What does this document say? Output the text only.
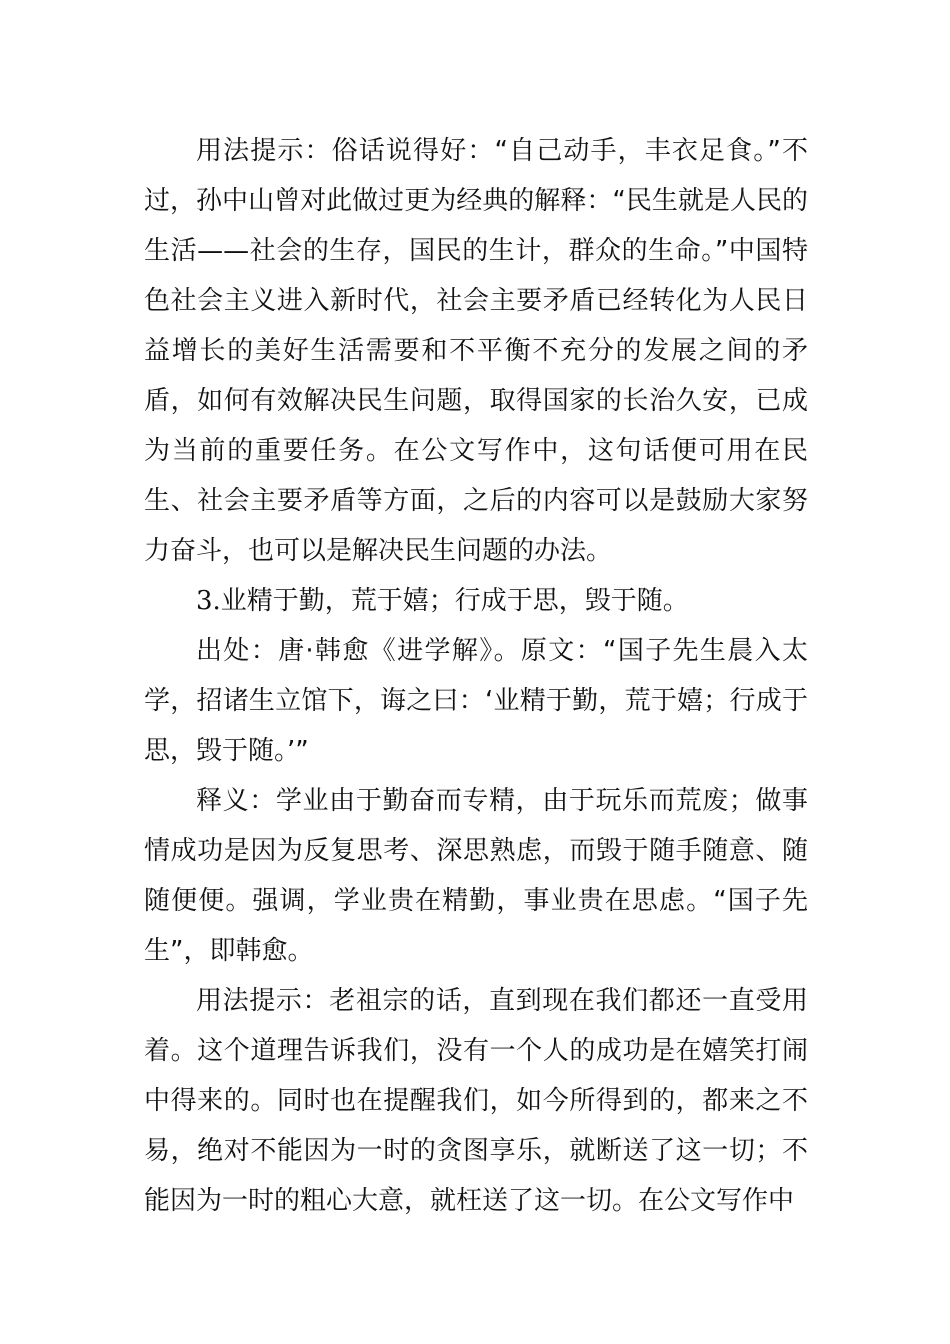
用法提示：俗话说得好：“自己动手，丰衣足食。”不过，孙中山曾对此做过更为经典的解释：“民生就是人民的生活——社会的生存，国民的生计，群众的生命。”中国特色社会主义进入新时代，社会主要矛盾已经转化为人民日益增长的美好生活需要和不平衡不充分的发展之间的矛盾，如何有效解决民生问题，取得国家的长治久安，已成为当前的重要任务。在公文写作中，这句话便可用在民生、社会主要矛盾等方面，之后的内容可以是鼓励大家努力奋斗，也可以是解决民生问题的办法。

3.业精于勤，荒于嬉；行成于思，毁于随。

出处：唐·韩愈《进学解》。原文：“国子先生晨入太学，招诸生立馆下，诲之曰：‘业精于勤，荒于嬉；行成于思，毁于随。’”

释义：学业由于勤奋而专精，由于玩乐而荒废；做事情成功是因为反复思考、深思熟虑，而毁于随手随意、随随便便。强调，学业贵在精勤，事业贵在思虑。“国子先生”，即韩愈。

用法提示：老祖宗的话，直到现在我们都还一直受用着。这个道理告诉我们，没有一个人的成功是在嬉笑打闹中得来的。同时也在提醒我们，如今所得到的，都来之不易，绝对不能因为一时的贪图享乐，就断送了这一切；不能因为一时的粗心大意，就枉送了这一切。在公文写作中
